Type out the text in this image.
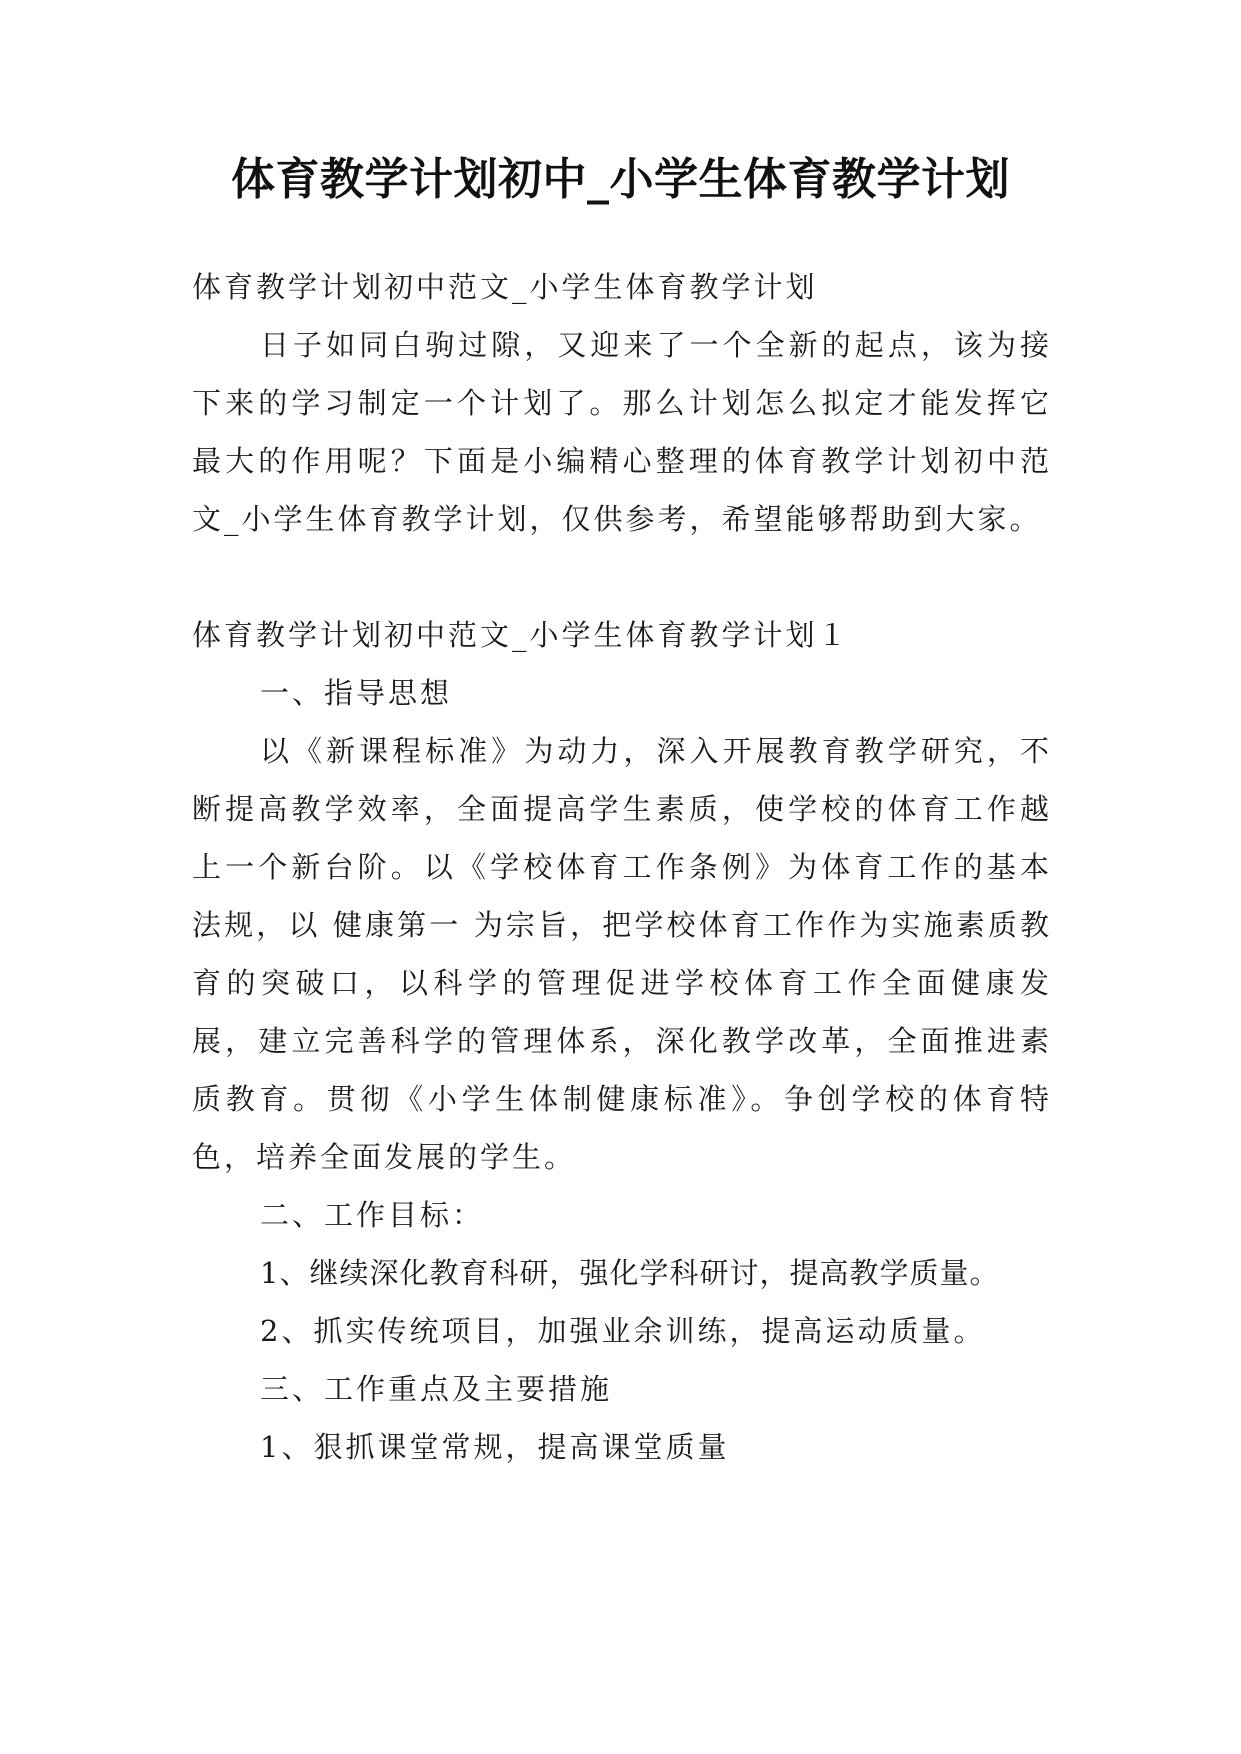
体育教学计划初中_小学生体育教学计划

体育教学计划初中范文_小学生体育教学计划

日子如同白驹过隙，又迎来了一个全新的起点，该为接下来的学习制定一个计划了。那么计划怎么拟定才能发挥它最大的作用呢？下面是小编精心整理的体育教学计划初中范文_小学生体育教学计划，仅供参考，希望能够帮助到大家。

体育教学计划初中范文_小学生体育教学计划１

一、指导思想

以《新课程标准》为动力，深入开展教育教学研究，不断提高教学效率，全面提高学生素质，使学校的体育工作越上一个新台阶。以《学校体育工作条例》为体育工作的基本法规，以 健康第一 为宗旨，把学校体育工作作为实施素质教育的突破口，以科学的管理促进学校体育工作全面健康发展，建立完善科学的管理体系，深化教学改革，全面推进素质教育。贯彻《小学生体制健康标准》。争创学校的体育特色，培养全面发展的学生。

二、工作目标：

1、继续深化教育科研，强化学科研讨，提高教学质量。

2、抓实传统项目，加强业余训练，提高运动质量。

三、工作重点及主要措施

1、狠抓课堂常规，提高课堂质量
